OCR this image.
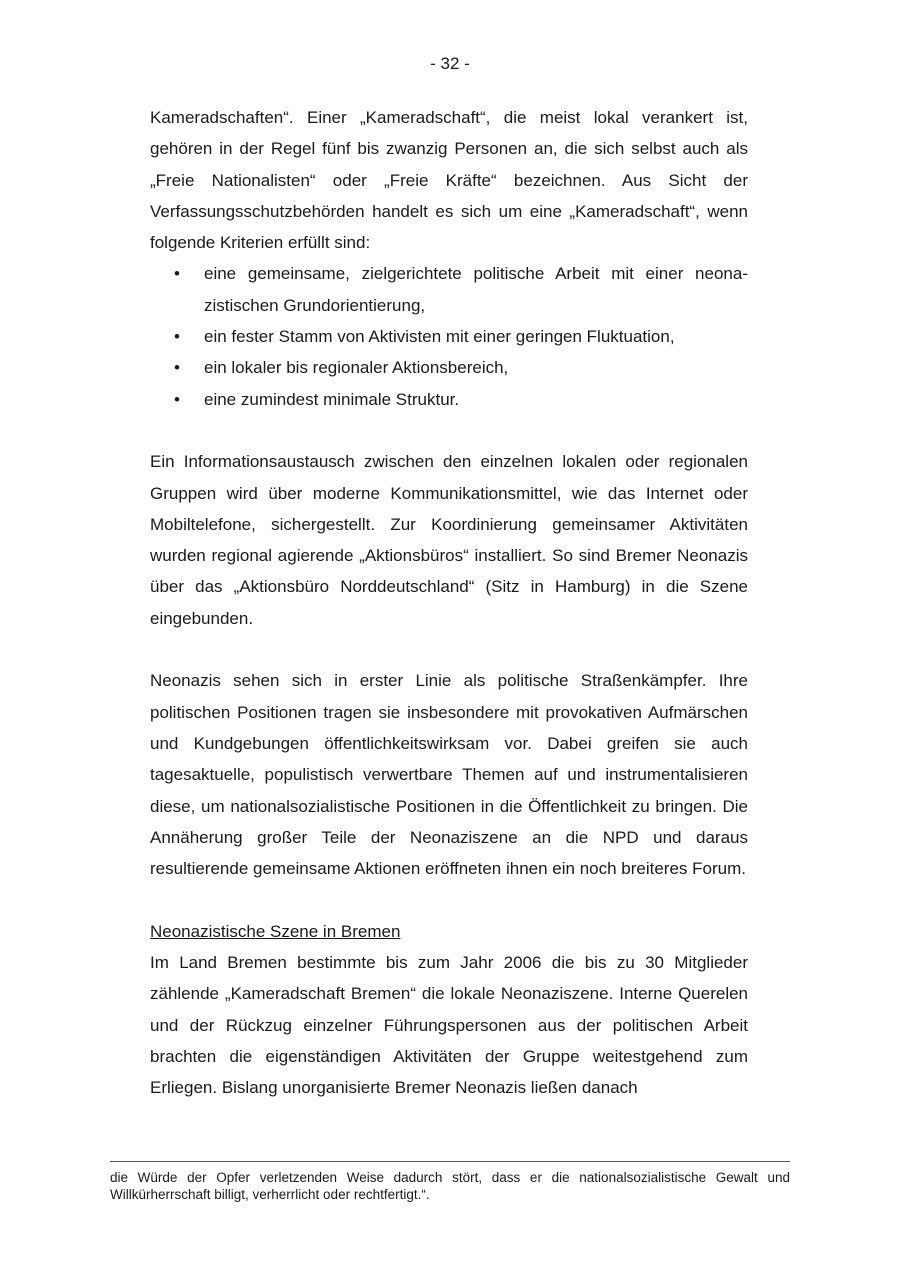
- 32 -

Kameradschaften“. Einer „Kameradschaft“, die meist lokal verankert ist, gehören in der Regel fünf bis zwanzig Personen an, die sich selbst auch als „Freie Nationalisten“ oder „Freie Kräfte“ bezeichnen. Aus Sicht der Verfassungsschutzbehörden handelt es sich um eine „Kameradschaft“, wenn folgende Kriterien erfüllt sind:

• eine gemeinsame, zielgerichtete politische Arbeit mit einer neonazistischen Grundorientierung,
• ein fester Stamm von Aktivisten mit einer geringen Fluktuation,
• ein lokaler bis regionaler Aktionsbereich,
• eine zumindest minimale Struktur.

Ein Informationsaustausch zwischen den einzelnen lokalen oder regionalen Gruppen wird über moderne Kommunikationsmittel, wie das Internet oder Mobiltelefone, sichergestellt. Zur Koordinierung gemeinsamer Aktivitäten wurden regional agierende „Aktionsbüros“ installiert. So sind Bremer Neonazis über das „Aktionsbüro Norddeutschland“ (Sitz in Hamburg) in die Szene eingebunden.

Neonazis sehen sich in erster Linie als politische Straßenkämpfer. Ihre politischen Positionen tragen sie insbesondere mit provokativen Aufmärschen und Kundgebungen öffentlichkeitswirksam vor. Dabei greifen sie auch tagesaktuelle, populistisch verwertbare Themen auf und instrumentalisieren diese, um nationalsozialistische Positionen in die Öffentlichkeit zu bringen. Die Annäherung großer Teile der Neonaziszene an die NPD und daraus resultierende gemeinsame Aktionen eröffneten ihnen ein noch breiteres Forum.

Neonazistische Szene in Bremen

Im Land Bremen bestimmte bis zum Jahr 2006 die bis zu 30 Mitglieder zählende „Kameradschaft Bremen“ die lokale Neonaziszene. Interne Querelen und der Rückzug einzelner Führungspersonen aus der politischen Arbeit brachten die eigenständigen Aktivitäten der Gruppe weitestgehend zum Erliegen. Bislang unorganisierte Bremer Neonazis ließen danach

die Würde der Opfer verletzenden Weise dadurch stört, dass er die nationalsozialistische Gewalt und Willkürherrschaft billigt, verherrlicht oder rechtfertigt.“.
